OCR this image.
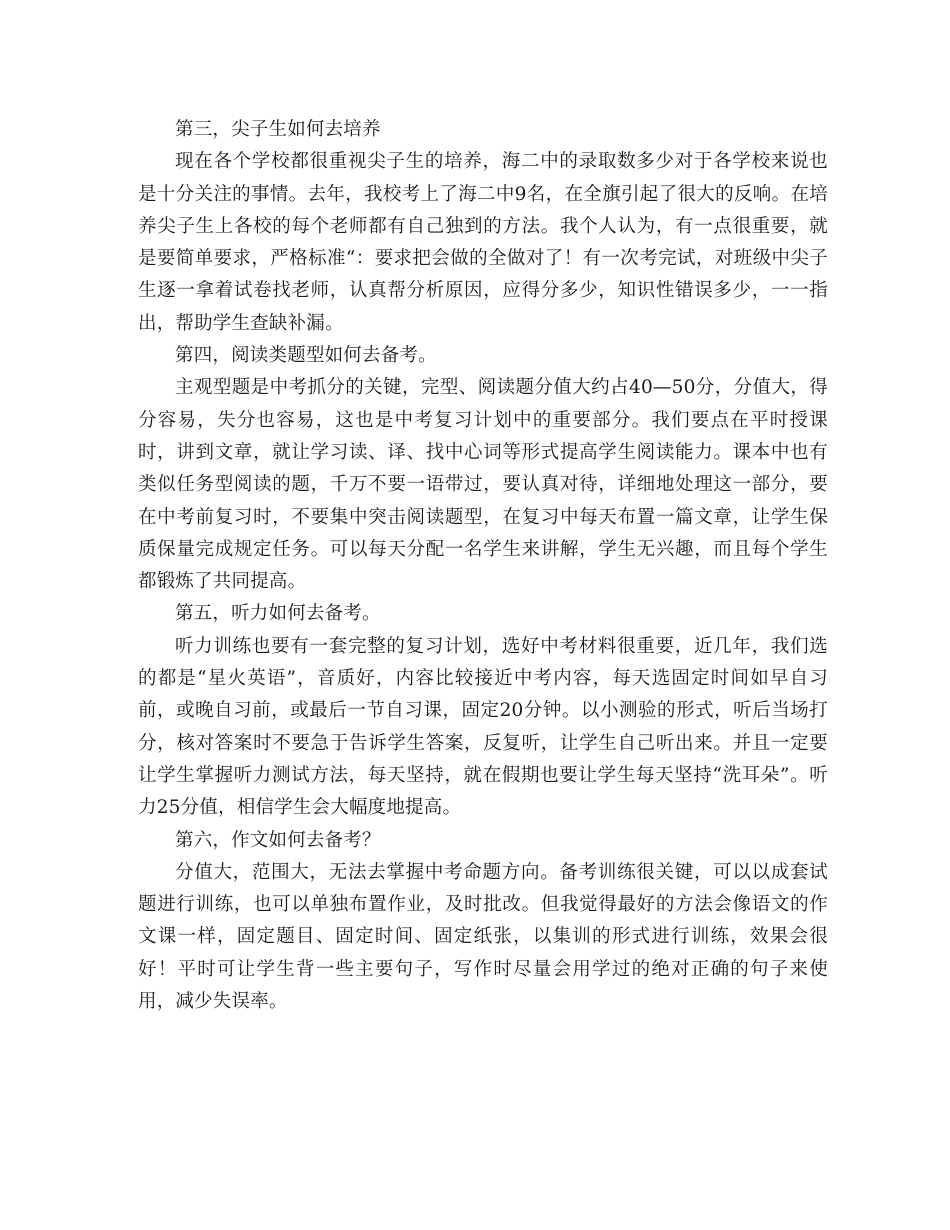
第三，尖子生如何去培养

现在各个学校都很重视尖子生的培养，海二中的录取数多少对于各学校来说也是十分关注的事情。去年，我校考上了海二中9名，在全旗引起了很大的反响。在培养尖子生上各校的每个老师都有自己独到的方法。我个人认为，有一点很重要，就是要简单要求，严格标准“：要求把会做的全做对了！有一次考完试，对班级中尖子生逐一拿着试卷找老师，认真帮分析原因，应得分多少，知识性错误多少，一一指出，帮助学生查缺补漏。

第四，阅读类题型如何去备考。

主观型题是中考抓分的关键，完型、阅读题分值大约占40—50分，分值大，得分容易，失分也容易，这也是中考复习计划中的重要部分。我们要点在平时授课时，讲到文章，就让学习读、译、找中心词等形式提高学生阅读能力。课本中也有类似任务型阅读的题，千万不要一语带过，要认真对待，详细地处理这一部分，要在中考前复习时，不要集中突击阅读题型，在复习中每天布置一篇文章，让学生保质保量完成规定任务。可以每天分配一名学生来讲解，学生无兴趣，而且每个学生都锻炼了共同提高。

第五，听力如何去备考。

听力训练也要有一套完整的复习计划，选好中考材料很重要，近几年，我们选的都是“星火英语”，音质好，内容比较接近中考内容，每天选固定时间如早自习前，或晚自习前，或最后一节自习课，固定20分钟。以小测验的形式，听后当场打分，核对答案时不要急于告诉学生答案，反复听，让学生自己听出来。并且一定要让学生掌握听力测试方法，每天坚持，就在假期也要让学生每天坚持“洗耳朵”。听力25分值，相信学生会大幅度地提高。

第六，作文如何去备考？

分值大，范围大，无法去掌握中考命题方向。备考训练很关键，可以以成套试题进行训练，也可以单独布置作业，及时批改。但我觉得最好的方法会像语文的作文课一样，固定题目、固定时间、固定纸张，以集训的形式进行训练，效果会很好！平时可让学生背一些主要句子，写作时尽量会用学过的绝对正确的句子来使用，减少失误率。
